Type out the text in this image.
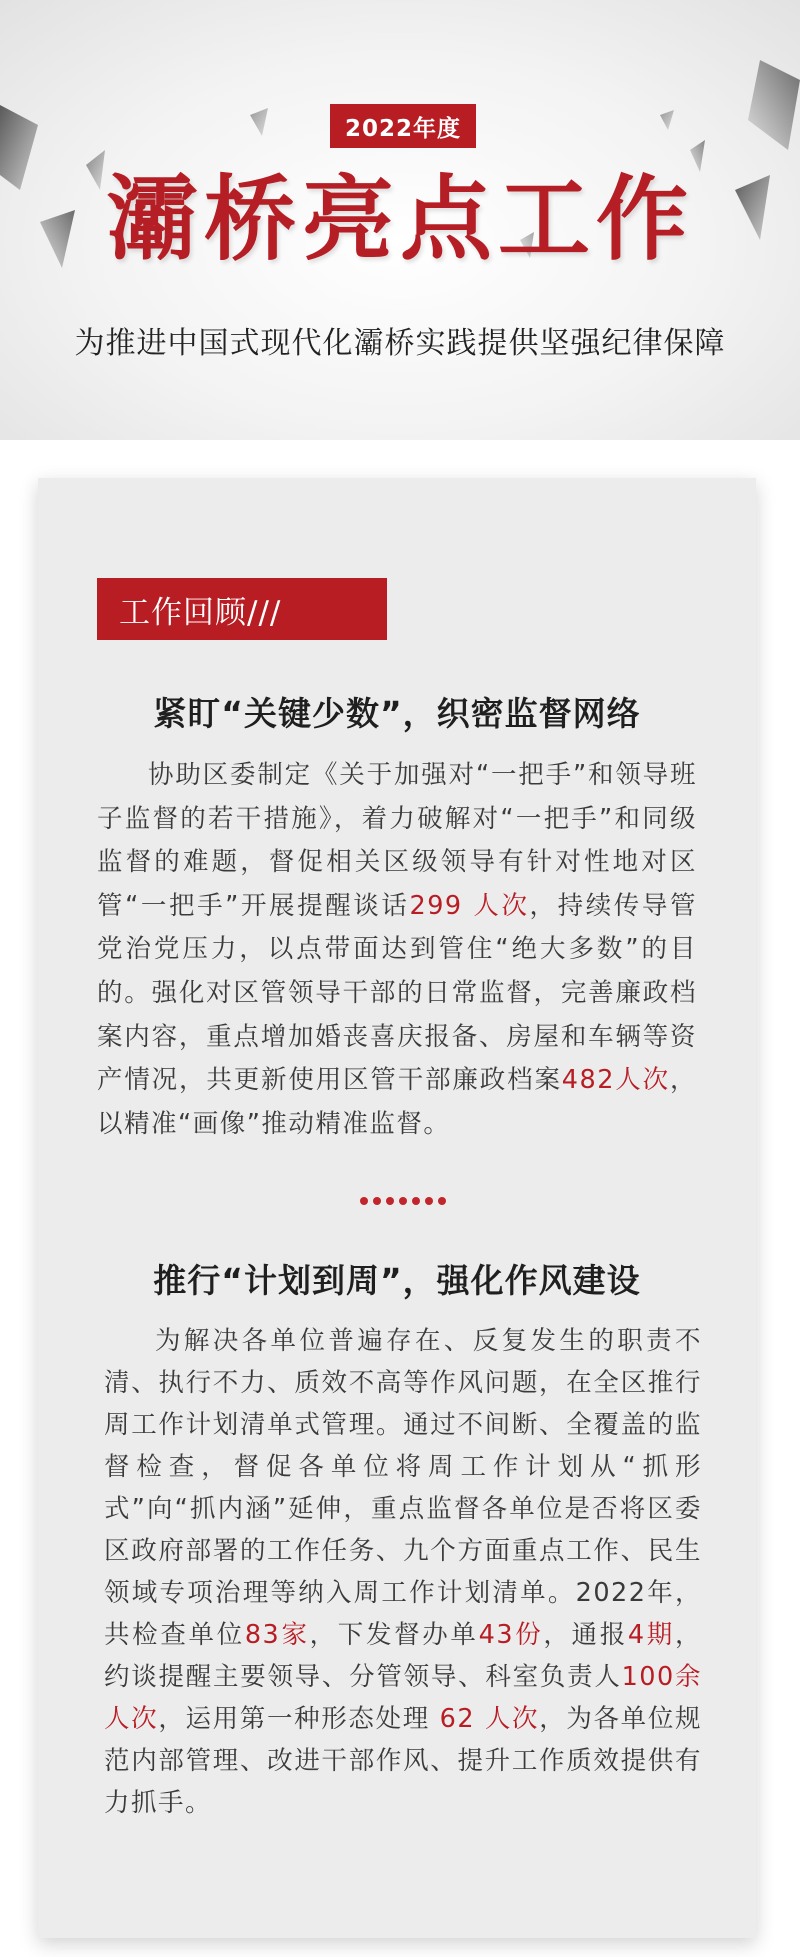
2022年度
灞桥亮点工作
为推进中国式现代化灞桥实践提供坚强纪律保障
工作回顾///
紧盯“关键少数”，织密监督网络
协助区委制定《关于加强对“一把手”和领导班子监督的若干措施》，着力破解对“一把手”和同级监督的难题，督促相关区级领导有针对性地对区管“一把手”开展提醒谈话299 人次，持续传导管党治党压力，以点带面达到管住“绝大多数”的目的。强化对区管领导干部的日常监督，完善廉政档案内容，重点增加婚丧喜庆报备、房屋和车辆等资产情况，共更新使用区管干部廉政档案482人次，以精准“画像”推动精准监督。
推行“计划到周”，强化作风建设
为解决各单位普遍存在、反复发生的职责不清、执行不力、质效不高等作风问题，在全区推行周工作计划清单式管理。通过不间断、全覆盖的监督检查，督促各单位将周工作计划从“抓形式”向“抓内涵”延伸，重点监督各单位是否将区委区政府部署的工作任务、九个方面重点工作、民生领域专项治理等纳入周工作计划清单。2022年，共检查单位83家，下发督办单43份，通报4期，约谈提醒主要领导、分管领导、科室负责人100余人次，运用第一种形态处理 62 人次，为各单位规范内部管理、改进干部作风、提升工作质效提供有力抓手。
